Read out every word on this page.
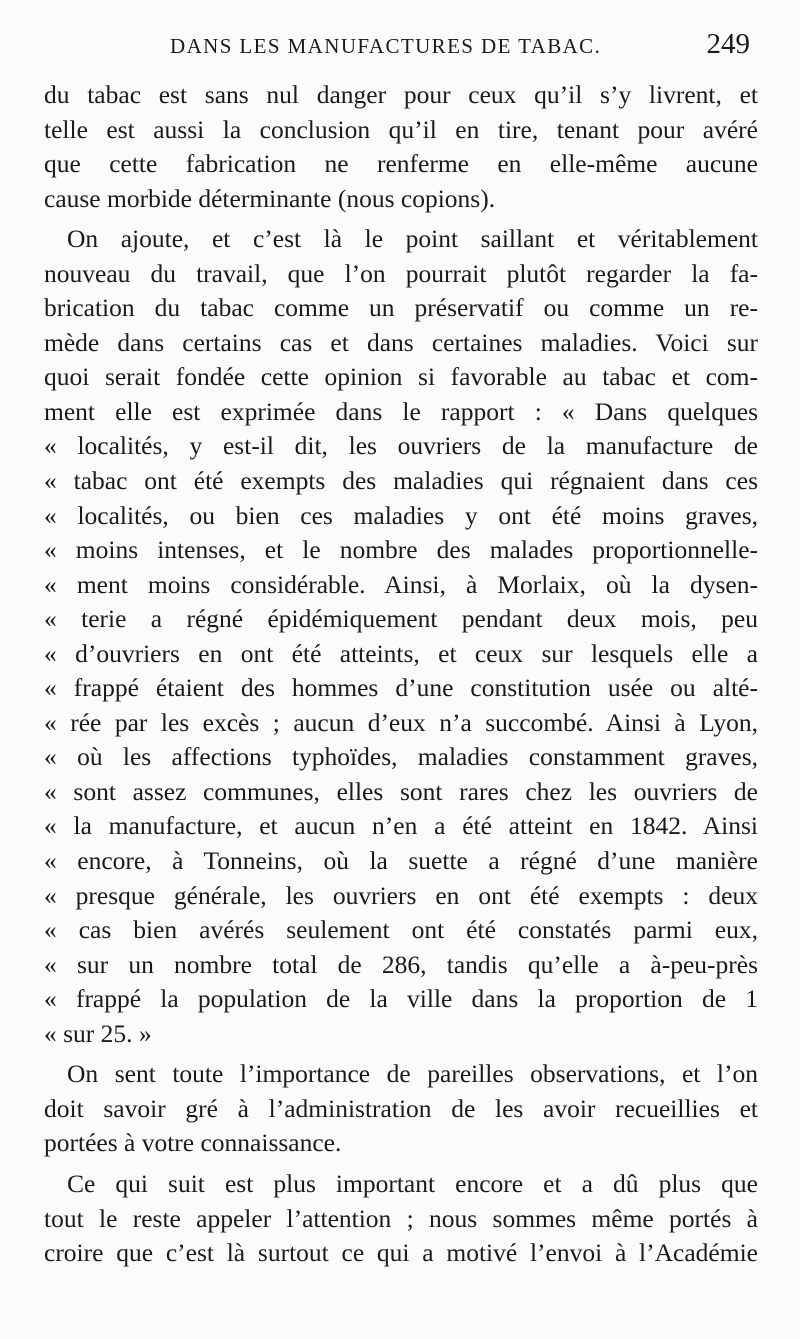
DANS LES MANUFACTURES DE TABAC.	249
du tabac est sans nul danger pour ceux qu’il s’y livrent, et
telle est aussi la conclusion qu’il en tire, tenant pour avéré
que cette fabrication ne renferme en elle-même aucune
cause morbide déterminante (nous copions).
On ajoute, et c’est là le point saillant et véritablement
nouveau du travail, que l’on pourrait plutôt regarder la fa-
brication du tabac comme un préservatif ou comme un re-
mède dans certains cas et dans certaines maladies. Voici sur
quoi serait fondée cette opinion si favorable au tabac et com-
ment elle est exprimée dans le rapport : « Dans quelques
« localités, y est-il dit, les ouvriers de la manufacture de
« tabac ont été exempts des maladies qui régnaient dans ces
« localités, ou bien ces maladies y ont été moins graves,
« moins intenses, et le nombre des malades proportionnelle-
« ment moins considérable. Ainsi, à Morlaix, où la dysen-
« terie a régné épidémiquement pendant deux mois, peu
« d’ouvriers en ont été atteints, et ceux sur lesquels elle a
« frappé étaient des hommes d’une constitution usée ou alté-
« rée par les excès ; aucun d’eux n’a succombé. Ainsi à Lyon,
« où les affections typhoïdes, maladies constamment graves,
« sont assez communes, elles sont rares chez les ouvriers de
« la manufacture, et aucun n’en a été atteint en 1842. Ainsi
« encore, à Tonneins, où la suette a régné d’une manière
« presque générale, les ouvriers en ont été exempts : deux
« cas bien avérés seulement ont été constatés parmi eux,
« sur un nombre total de 286, tandis qu’elle a à-peu-près
« frappé la population de la ville dans la proportion de 1
« sur 25. »
On sent toute l’importance de pareilles observations, et l’on
doit savoir gré à l’administration de les avoir recueillies et
portées à votre connaissance.
Ce qui suit est plus important encore et a dû plus que
tout le reste appeler l’attention ; nous sommes même portés à
croire que c’est là surtout ce qui a motivé l’envoi à l’Académie
